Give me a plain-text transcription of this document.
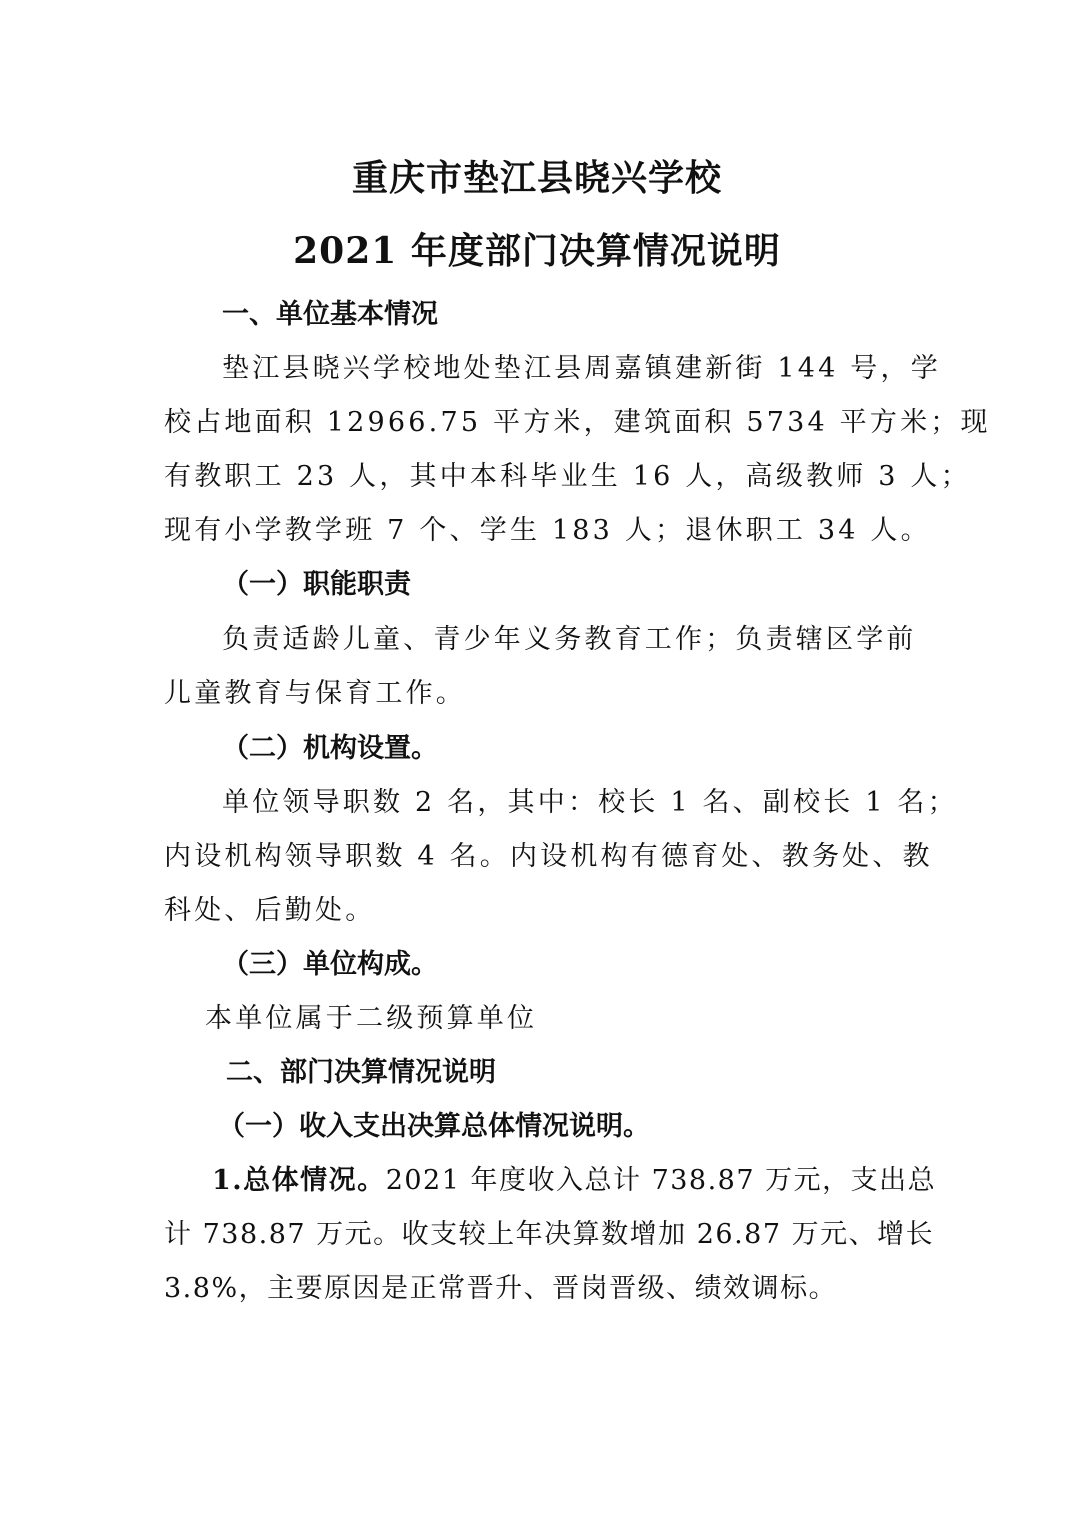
重庆市垫江县晓兴学校
2021 年度部门决算情况说明
一、单位基本情况
垫江县晓兴学校地处垫江县周嘉镇建新街 144 号，学
校占地面积 12966.75 平方米，建筑面积 5734 平方米；现
有教职工 23 人，其中本科毕业生 16 人，高级教师 3 人；
现有小学教学班 7 个、学生 183 人；退休职工 34 人。
（一）职能职责
负责适龄儿童、青少年义务教育工作；负责辖区学前
儿童教育与保育工作。
（二）机构设置。
单位领导职数 2 名，其中：校长 1 名、副校长 1 名；
内设机构领导职数 4 名。内设机构有德育处、教务处、教
科处、后勤处。
（三）单位构成。
本单位属于二级预算单位
二、部门决算情况说明
（一）收入支出决算总体情况说明。
1.总体情况。2021 年度收入总计 738.87 万元，支出总
计 738.87 万元。收支较上年决算数增加 26.87 万元、增长
3.8%，主要原因是正常晋升、晋岗晋级、绩效调标。
